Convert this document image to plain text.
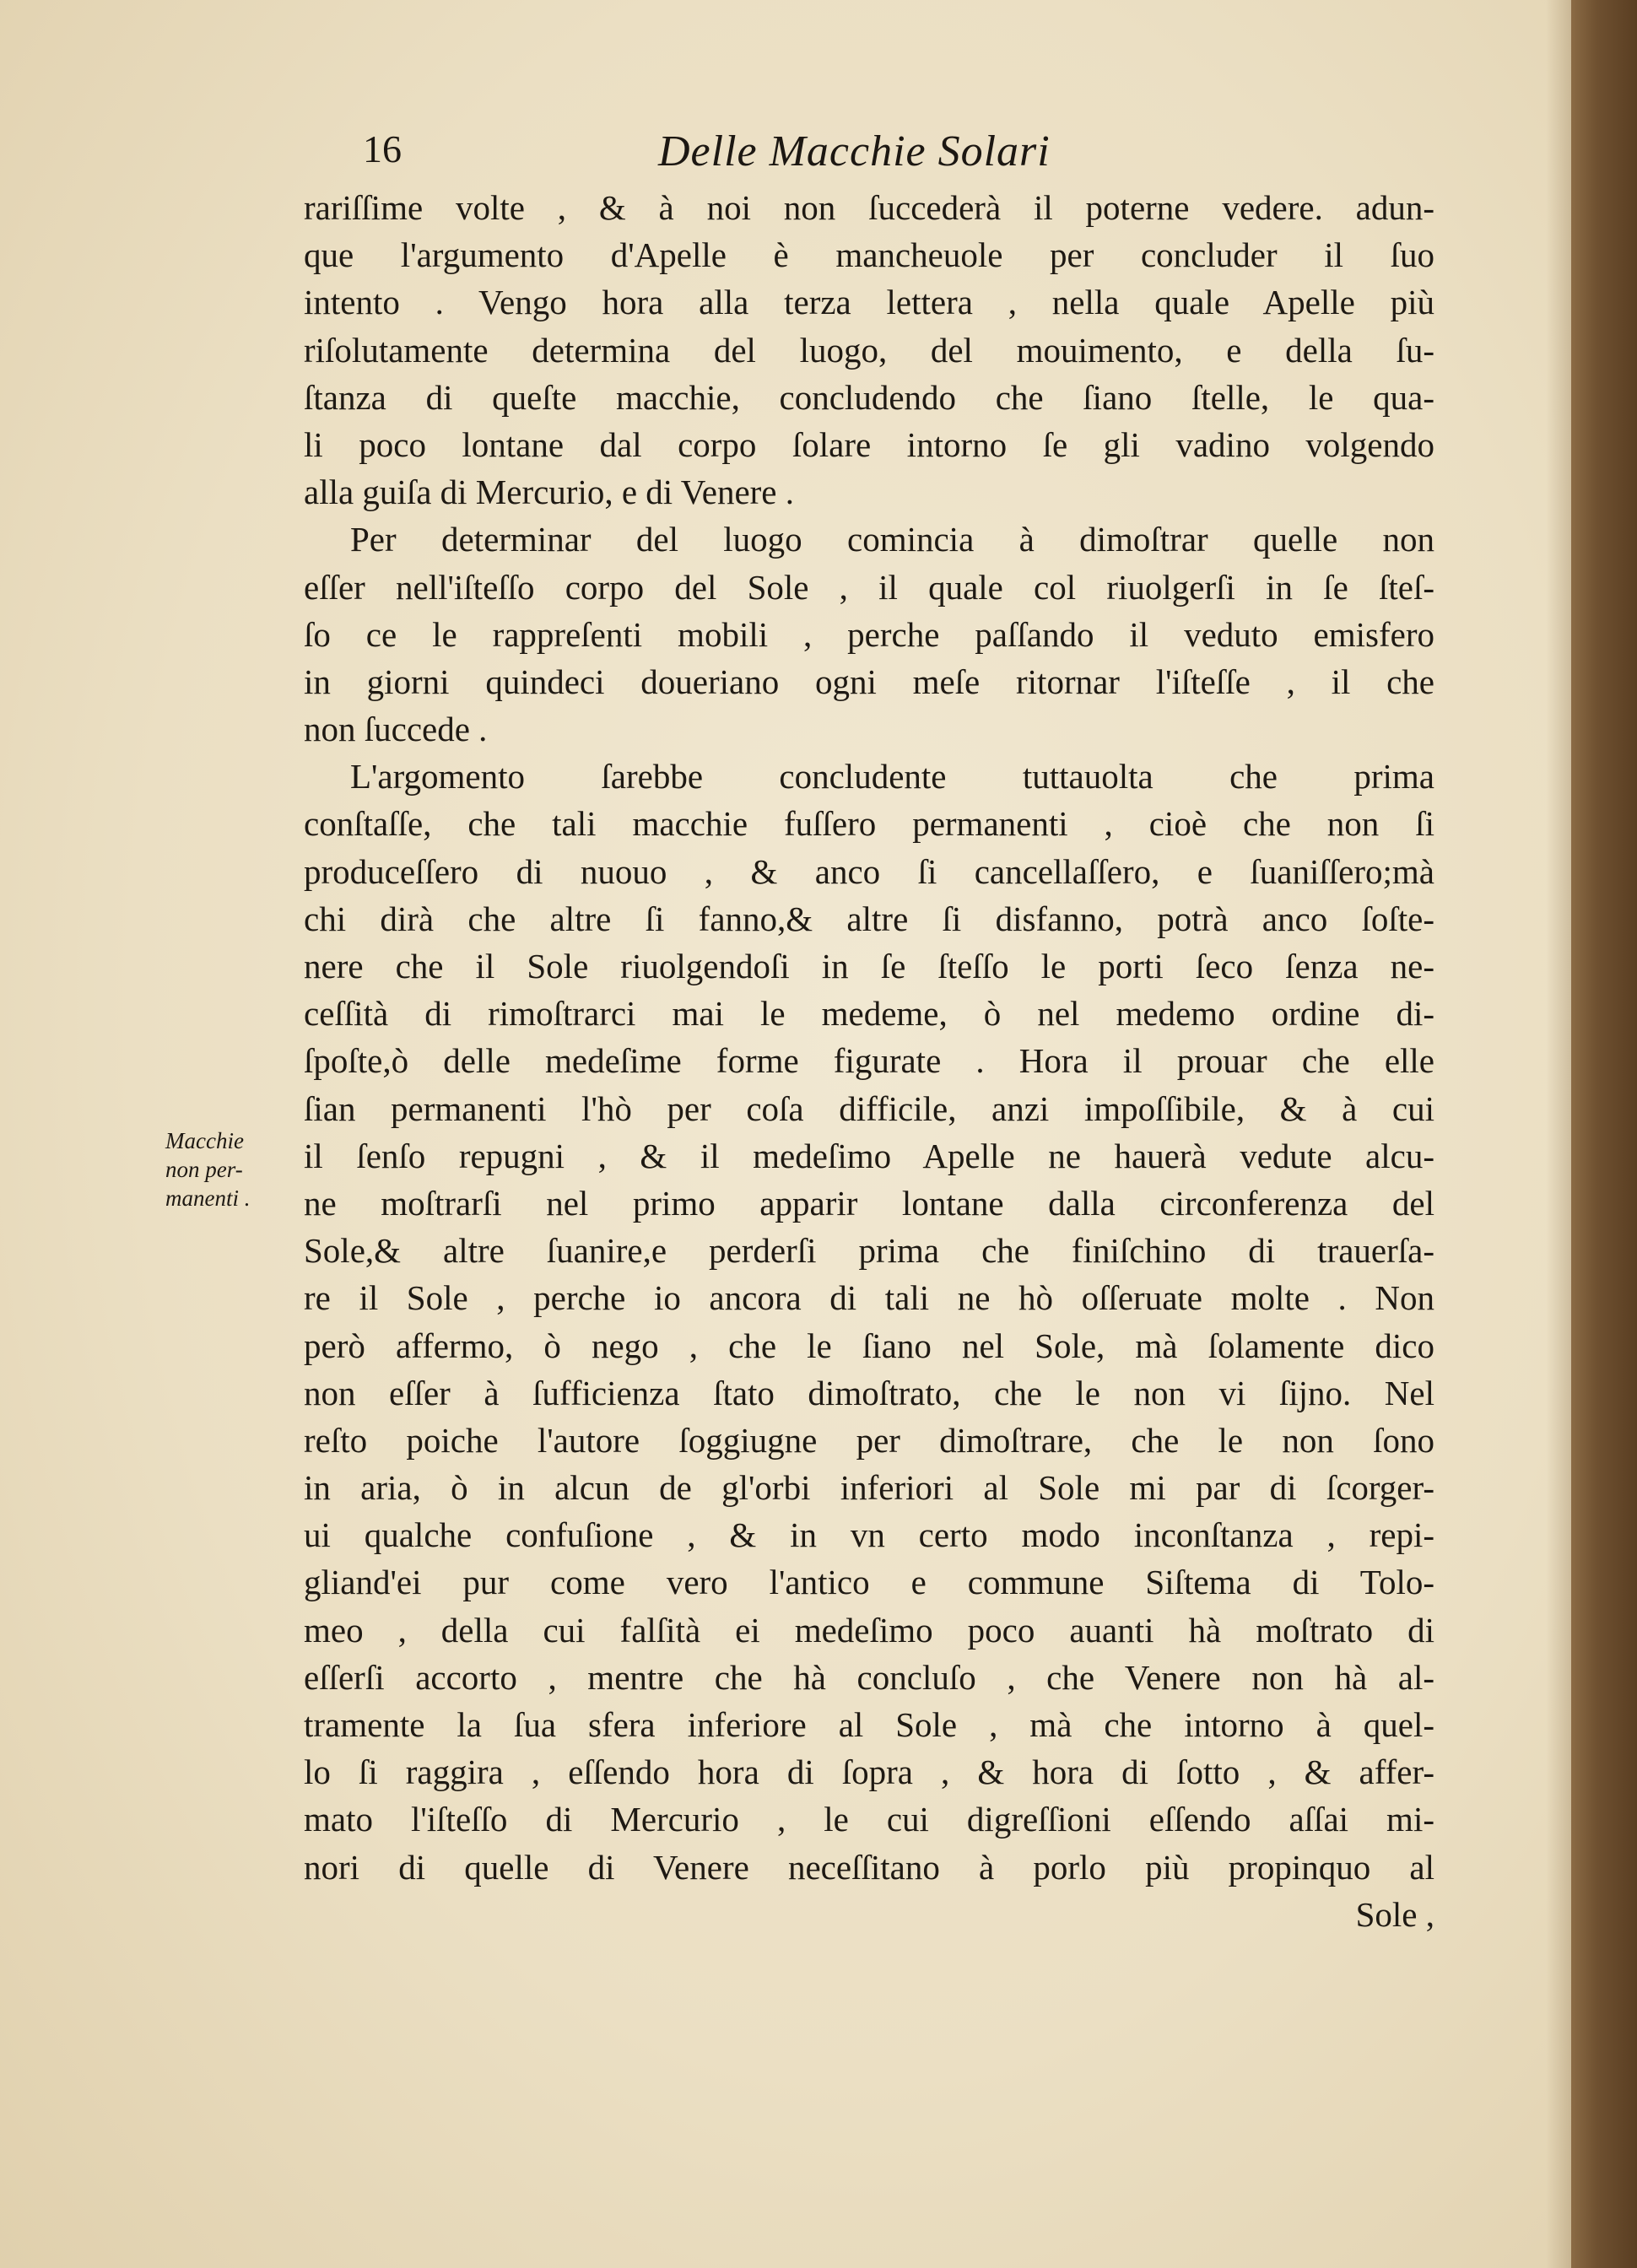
16	Delle Macchie Solari
Macchie
non per-
manenti .
rariſſime volte , & à noi non ſuccederà il poterne vedere. adun-
que l'argumento d'Apelle è mancheuole per concluder il ſuo
intento . Vengo hora alla terza lettera , nella quale Apelle più
riſolutamente determina del luogo, del mouimento, e della ſu-
ſtanza di queſte macchie, concludendo che ſiano ſtelle, le qua-
li poco lontane dal corpo ſolare intorno ſe gli vadino volgendo
alla guiſa di Mercurio, e di Venere .
Per determinar del luogo comincia à dimoſtrar quelle non
eſſer nell'iſteſſo corpo del Sole , il quale col riuolgerſi in ſe ſteſ-
ſo ce le rappreſenti mobili , perche paſſando il veduto emisfero
in giorni quindeci doueriano ogni meſe ritornar l'iſteſſe , il che
non ſuccede .
L'argomento ſarebbe concludente tuttauolta che prima
conſtaſſe, che tali macchie fuſſero permanenti , cioè che non ſi
produceſſero di nuouo , & anco ſi cancellaſſero, e ſuaniſſero;mà
chi dirà che altre ſi fanno,& altre ſi disfanno, potrà anco ſoſte-
nere che il Sole riuolgendoſi in ſe ſteſſo le porti ſeco ſenza ne-
ceſſità di rimoſtrarci mai le medeme, ò nel medemo ordine di-
ſpoſte,ò delle medeſime forme figurate . Hora il prouar che elle
ſian permanenti l'hò per coſa difficile, anzi impoſſibile, & à cui
il ſenſo repugni , & il medeſimo Apelle ne hauerà vedute alcu-
ne moſtrarſi nel primo apparir lontane dalla circonferenza del
Sole,& altre ſuanire,e perderſi prima che finiſchino di trauerſa-
re il Sole , perche io ancora di tali ne hò oſſeruate molte . Non
però affermo, ò nego , che le ſiano nel Sole, mà ſolamente dico
non eſſer à ſufficienza ſtato dimoſtrato, che le non vi ſijno. Nel
reſto poiche l'autore ſoggiugne per dimoſtrare, che le non ſono
in aria, ò in alcun de gl'orbi inferiori al Sole mi par di ſcorger-
ui qualche confuſione , & in vn certo modo inconſtanza , repi-
gliand'ei pur come vero l'antico e commune Siſtema di Tolo-
meo , della cui falſità ei medeſimo poco auanti hà moſtrato di
eſſerſi accorto , mentre che hà concluſo , che Venere non hà al-
tramente la ſua sfera inferiore al Sole , mà che intorno à quel-
lo ſi raggira , eſſendo hora di ſopra , & hora di ſotto , & affer-
mato l'iſteſſo di Mercurio , le cui digreſſioni eſſendo aſſai mi-
nori di quelle di Venere neceſſitano à porlo più propinquo al
Sole ,
